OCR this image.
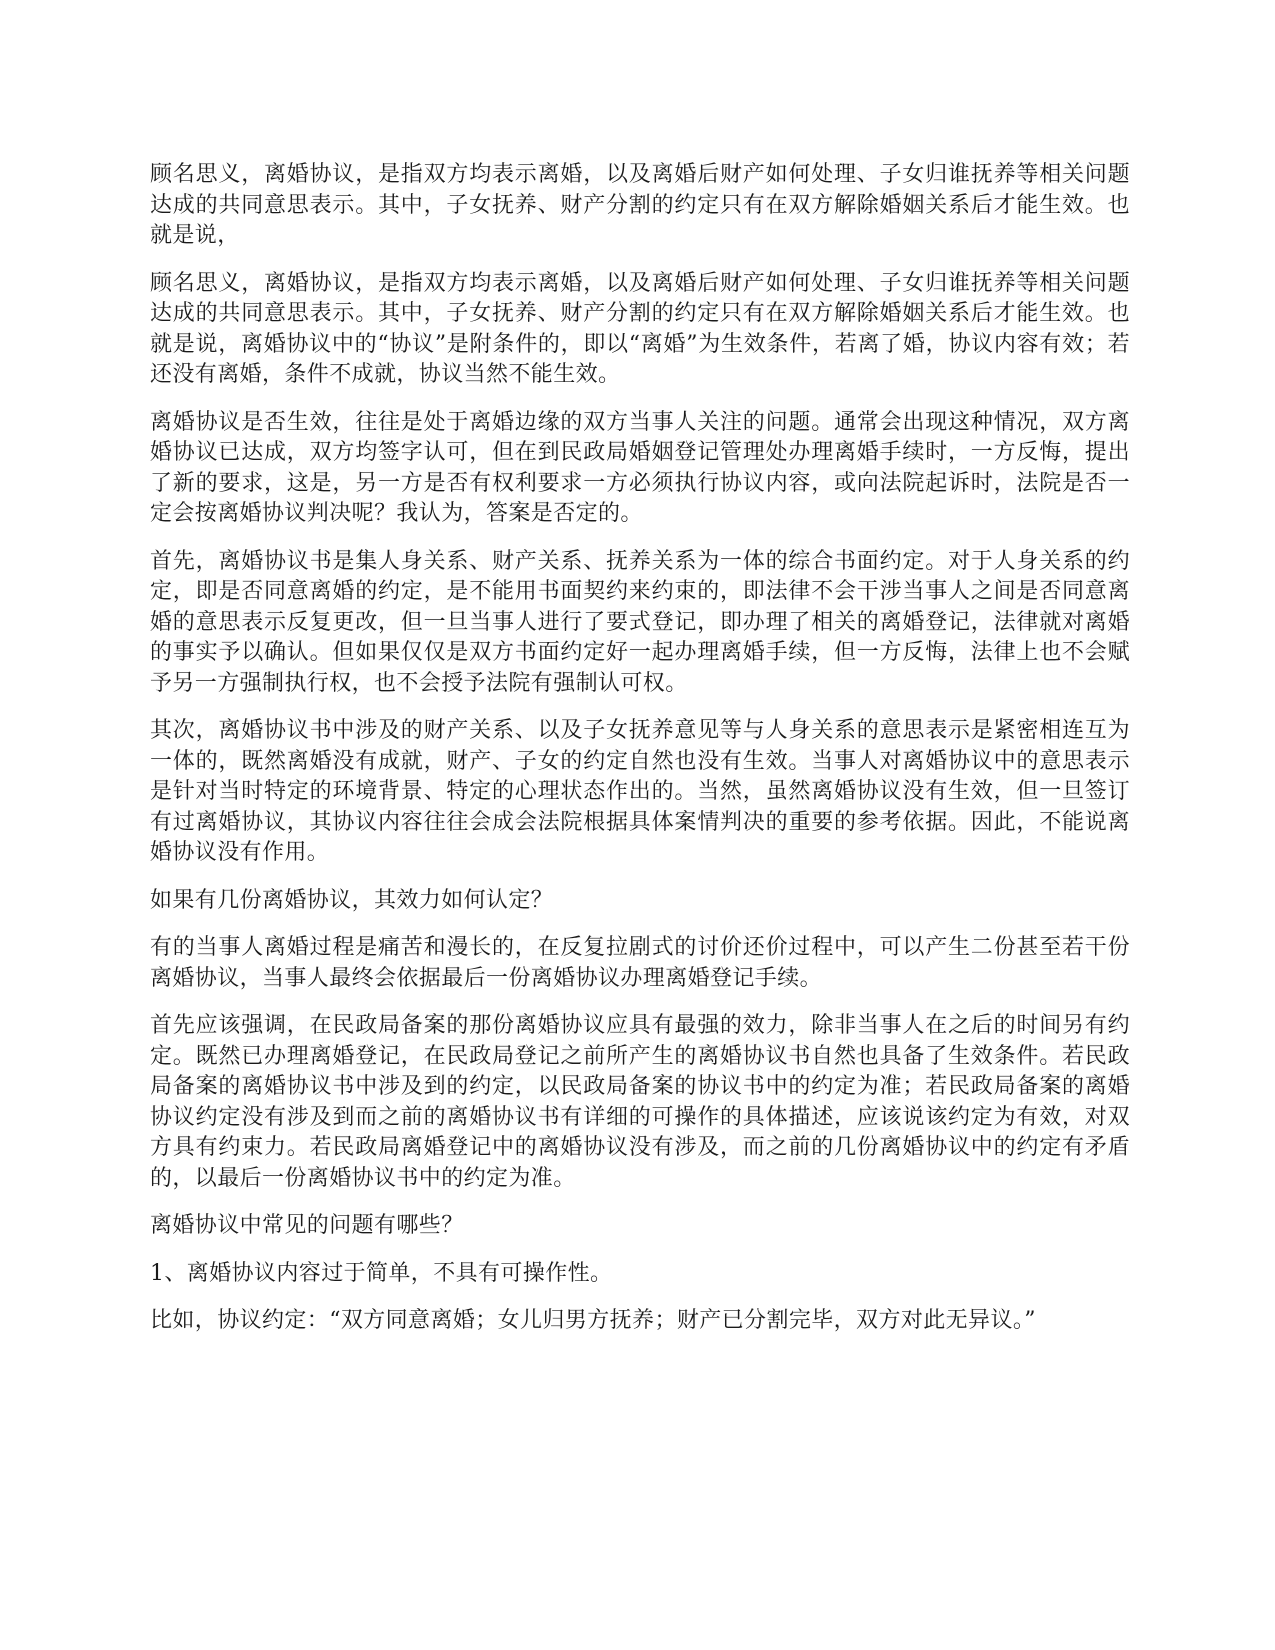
顾名思义，离婚协议，是指双方均表示离婚，以及离婚后财产如何处理、子女归谁抚养等相关问题达成的共同意思表示。其中，子女抚养、财产分割的约定只有在双方解除婚姻关系后才能生效。也就是说，

顾名思义，离婚协议，是指双方均表示离婚，以及离婚后财产如何处理、子女归谁抚养等相关问题达成的共同意思表示。其中，子女抚养、财产分割的约定只有在双方解除婚姻关系后才能生效。也就是说，离婚协议中的“协议”是附条件的，即以“离婚”为生效条件，若离了婚，协议内容有效；若还没有离婚，条件不成就，协议当然不能生效。

离婚协议是否生效，往往是处于离婚边缘的双方当事人关注的问题。通常会出现这种情况，双方离婚协议已达成，双方均签字认可，但在到民政局婚姻登记管理处办理离婚手续时，一方反悔，提出了新的要求，这是，另一方是否有权利要求一方必须执行协议内容，或向法院起诉时，法院是否一定会按离婚协议判决呢？我认为，答案是否定的。

首先，离婚协议书是集人身关系、财产关系、抚养关系为一体的综合书面约定。对于人身关系的约定，即是否同意离婚的约定，是不能用书面契约来约束的，即法律不会干涉当事人之间是否同意离婚的意思表示反复更改，但一旦当事人进行了要式登记，即办理了相关的离婚登记，法律就对离婚的事实予以确认。但如果仅仅是双方书面约定好一起办理离婚手续，但一方反悔，法律上也不会赋予另一方强制执行权，也不会授予法院有强制认可权。

其次，离婚协议书中涉及的财产关系、以及子女抚养意见等与人身关系的意思表示是紧密相连互为一体的，既然离婚没有成就，财产、子女的约定自然也没有生效。当事人对离婚协议中的意思表示是针对当时特定的环境背景、特定的心理状态作出的。当然，虽然离婚协议没有生效，但一旦签订有过离婚协议，其协议内容往往会成会法院根据具体案情判决的重要的参考依据。因此，不能说离婚协议没有作用。

如果有几份离婚协议，其效力如何认定？

有的当事人离婚过程是痛苦和漫长的，在反复拉剧式的讨价还价过程中，可以产生二份甚至若干份离婚协议，当事人最终会依据最后一份离婚协议办理离婚登记手续。

首先应该强调，在民政局备案的那份离婚协议应具有最强的效力，除非当事人在之后的时间另有约定。既然已办理离婚登记，在民政局登记之前所产生的离婚协议书自然也具备了生效条件。若民政局备案的离婚协议书中涉及到的约定，以民政局备案的协议书中的约定为准；若民政局备案的离婚协议约定没有涉及到而之前的离婚协议书有详细的可操作的具体描述，应该说该约定为有效，对双方具有约束力。若民政局离婚登记中的离婚协议没有涉及，而之前的几份离婚协议中的约定有矛盾的，以最后一份离婚协议书中的约定为准。

离婚协议中常见的问题有哪些？

1、离婚协议内容过于简单，不具有可操作性。

比如，协议约定：“双方同意离婚；女儿归男方抚养；财产已分割完毕，双方对此无异议。”
